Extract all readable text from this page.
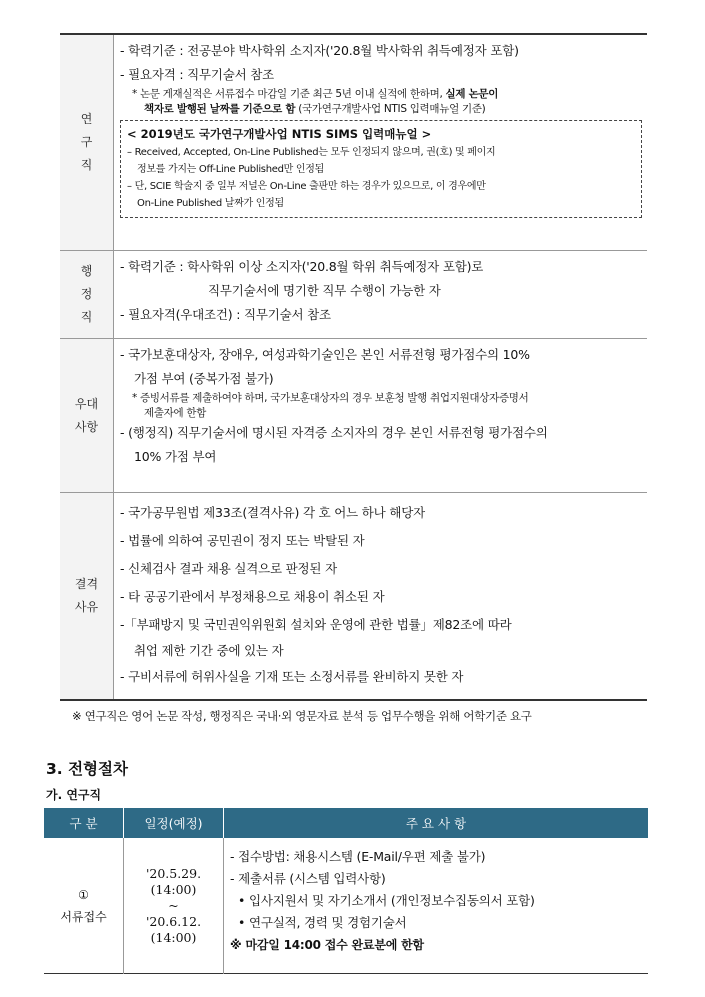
연
구
직
- 학력기준 : 전공분야 박사학위 소지자('20.8월 박사학위 취득예정자 포함)
- 필요자격 : 직무기술서 참조
* 논문 게재실적은 서류접수 마감일 기준 최근 5년 이내 실적에 한하며, 실제 논문이
책자로 발행된 날짜를 기준으로 함 (국가연구개발사업 NTIS 입력매뉴얼 기준)
< 2019년도 국가연구개발사업 NTIS SIMS 입력매뉴얼 >
– Received, Accepted, On-Line Published는 모두 인정되지 않으며, 권(호) 및 페이지
정보를 가지는 Off-Line Published만 인정됨
– 단, SCIE 학술지 중 일부 저널은 On-Line 출판만 하는 경우가 있으므로, 이 경우에만
On-Line Published 날짜가 인정됨
행
정
직
- 학력기준 : 학사학위 이상 소지자('20.8월 학위 취득예정자 포함)로
직무기술서에 명기한 직무 수행이 가능한 자
- 필요자격(우대조건) : 직무기술서 참조
우대
사항
- 국가보훈대상자, 장애우, 여성과학기술인은 본인 서류전형 평가점수의 10%
가점 부여 (중복가점 불가)
* 증빙서류를 제출하여야 하며, 국가보훈대상자의 경우 보훈청 발행 취업지원대상자증명서
제출자에 한함
- (행정직) 직무기술서에 명시된 자격증 소지자의 경우 본인 서류전형 평가점수의
10% 가점 부여
결격
사유
- 국가공무원법 제33조(결격사유) 각 호 어느 하나 해당자
- 법률에 의하여 공민권이 정지 또는 박탈된 자
- 신체검사 결과 채용 실격으로 판정된 자
- 타 공공기관에서 부정채용으로 채용이 취소된 자
-「부패방지 및 국민권익위원회 설치와 운영에 관한 법률」제82조에 따라
취업 제한 기간 중에 있는 자
- 구비서류에 허위사실을 기재 또는 소정서류를 완비하지 못한 자
※ 연구직은 영어 논문 작성, 행정직은 국내·외 영문자료 분석 등 업무수행을 위해 어학기준 요구
3. 전형절차
가. 연구직
구 분	일정(예정)	주 요 사 항
①
서류접수
'20.5.29.
(14:00)
~
'20.6.12.
(14:00)
- 접수방법: 채용시스템 (E-Mail/우편 제출 불가)
- 제출서류 (시스템 입력사항)
• 입사지원서 및 자기소개서 (개인정보수집동의서 포함)
• 연구실적, 경력 및 경험기술서
※ 마감일 14:00 접수 완료분에 한함
